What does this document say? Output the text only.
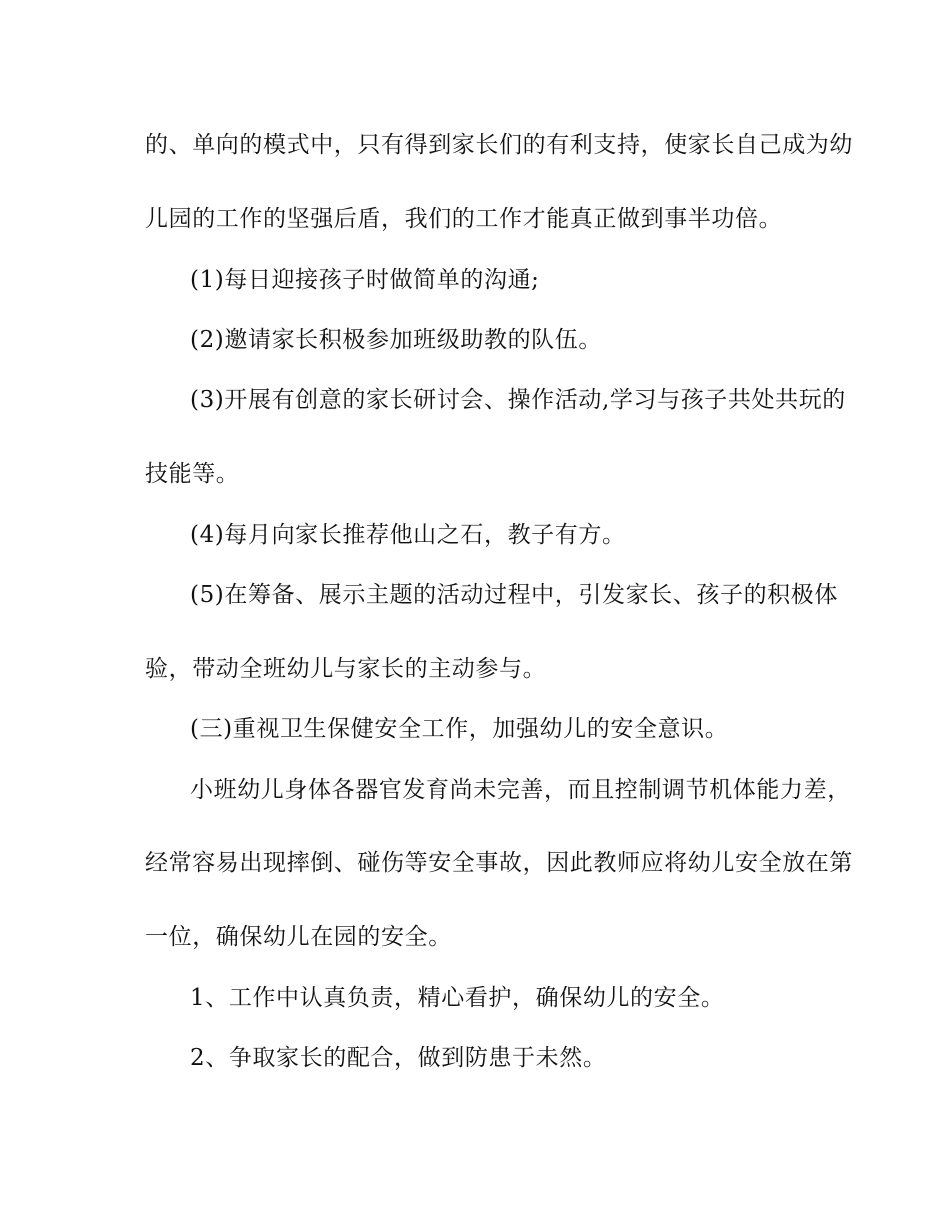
的、单向的模式中，只有得到家长们的有利支持，使家长自己成为幼
儿园的工作的坚强后盾，我们的工作才能真正做到事半功倍。
(1)每日迎接孩子时做简单的沟通;
(2)邀请家长积极参加班级助教的队伍。
(3)开展有创意的家长研讨会、操作活动,学习与孩子共处共玩的
技能等。
(4)每月向家长推荐他山之石，教子有方。
(5)在筹备、展示主题的活动过程中，引发家长、孩子的积极体
验，带动全班幼儿与家长的主动参与。
(三)重视卫生保健安全工作，加强幼儿的安全意识。
小班幼儿身体各器官发育尚未完善，而且控制调节机体能力差，
经常容易出现摔倒、碰伤等安全事故，因此教师应将幼儿安全放在第
一位，确保幼儿在园的安全。
1、工作中认真负责，精心看护，确保幼儿的安全。
2、争取家长的配合，做到防患于未然。
